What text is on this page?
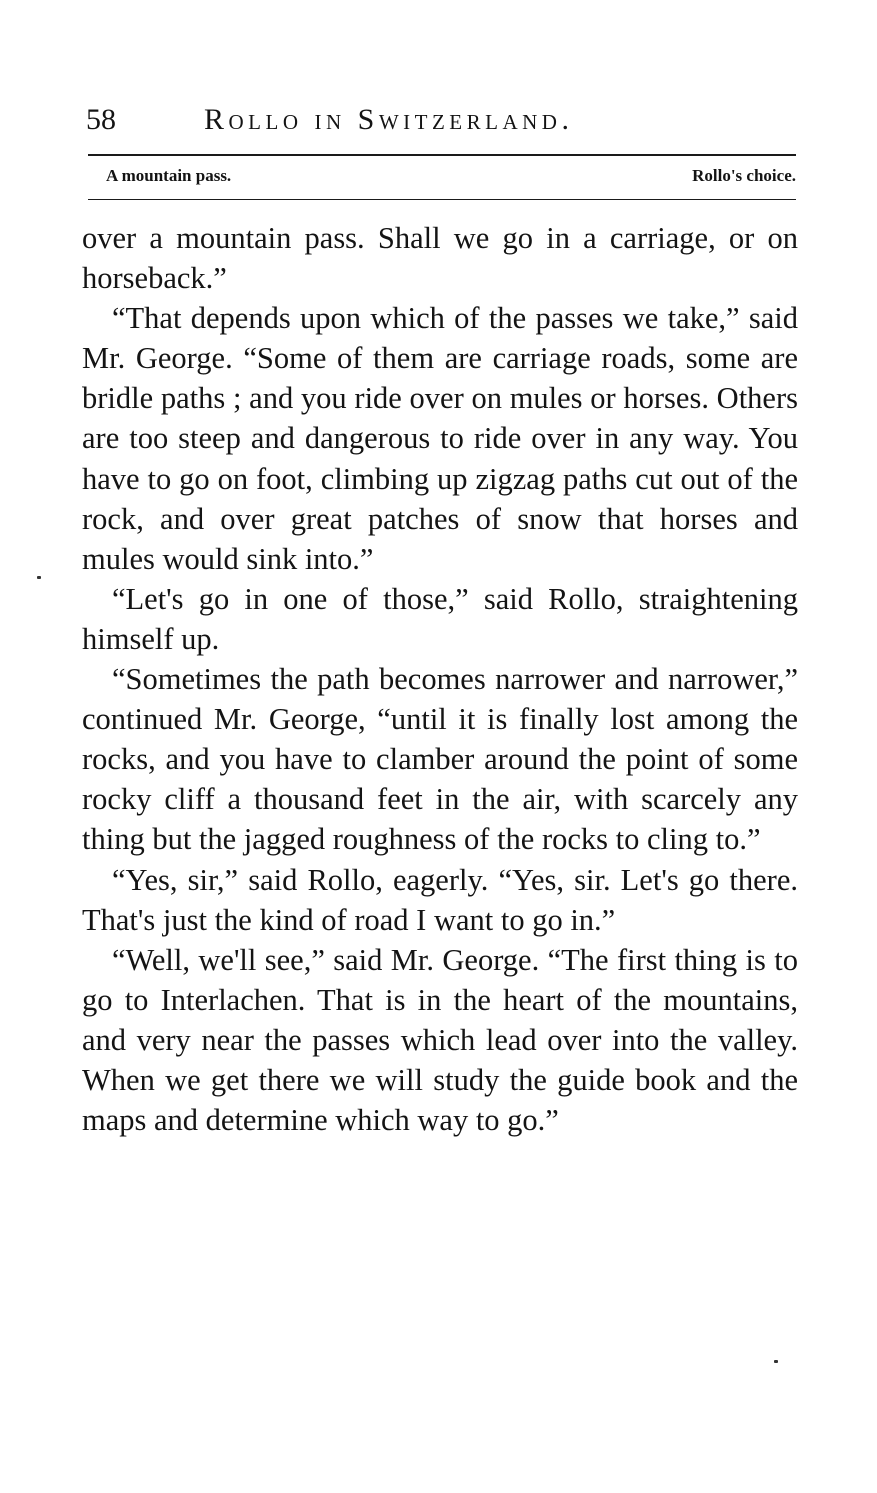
58	Rollo in Switzerland.
A mountain pass.	Rollo's choice.

over a mountain pass. Shall we go in a carriage, or on horseback.”

“That depends upon which of the passes we take,” said Mr. George. “Some of them are carriage roads, some are bridle paths ; and you ride over on mules or horses. Others are too steep and dangerous to ride over in any way. You have to go on foot, climbing up zigzag paths cut out of the rock, and over great patches of snow that horses and mules would sink into.”

“Let's go in one of those,” said Rollo, straightening himself up.

“Sometimes the path becomes narrower and narrower,” continued Mr. George, “until it is finally lost among the rocks, and you have to clamber around the point of some rocky cliff a thousand feet in the air, with scarcely any thing but the jagged roughness of the rocks to cling to.”

“Yes, sir,” said Rollo, eagerly. “Yes, sir. Let's go there. That's just the kind of road I want to go in.”

“Well, we'll see,” said Mr. George. “The first thing is to go to Interlachen. That is in the heart of the mountains, and very near the passes which lead over into the valley. When we get there we will study the guide book and the maps and determine which way to go.”
